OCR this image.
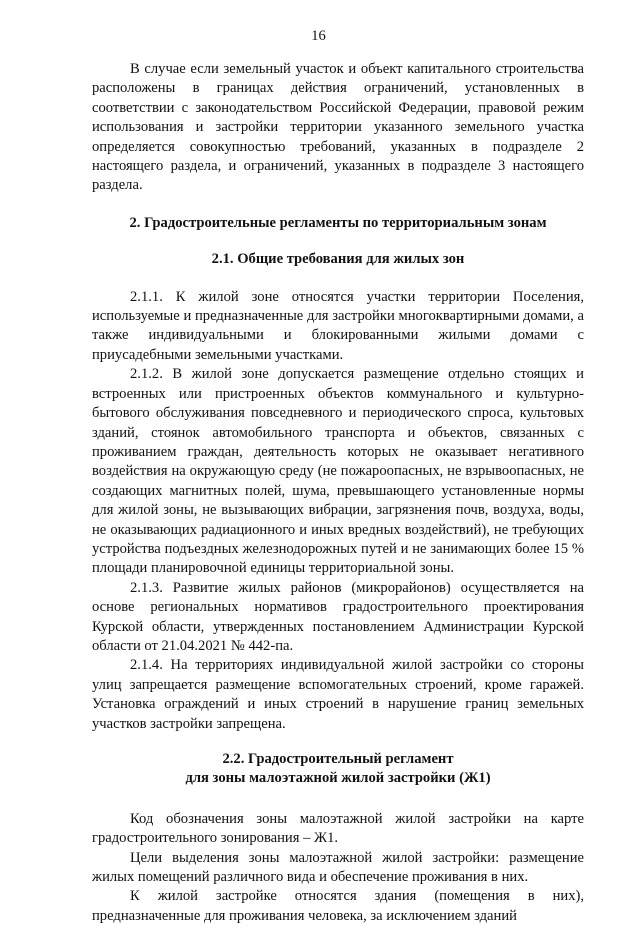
16

В случае если земельный участок и объект капитального строительства расположены в границах действия ограничений, установленных в соответствии с законодательством Российской Федерации, правовой режим использования и застройки территории указанного земельного участка определяется совокупностью требований, указанных в подразделе 2 настоящего раздела, и ограничений, указанных в подразделе 3 настоящего раздела.

2. Градостроительные регламенты по территориальным зонам

2.1. Общие требования для жилых зон

2.1.1. К жилой зоне относятся участки территории Поселения, используемые и предназначенные для застройки многоквартирными домами, а также индивидуальными и блокированными жилыми домами с приусадебными земельными участками.

2.1.2. В жилой зоне допускается размещение отдельно стоящих и встроенных или пристроенных объектов коммунального и культурно-бытового обслуживания повседневного и периодического спроса, культовых зданий, стоянок автомобильного транспорта и объектов, связанных с проживанием граждан, деятельность которых не оказывает негативного воздействия на окружающую среду (не пожароопасных, не взрывоопасных, не создающих магнитных полей, шума, превышающего установленные нормы для жилой зоны, не вызывающих вибрации, загрязнения почв, воздуха, воды, не оказывающих радиационного и иных вредных воздействий), не требующих устройства подъездных железнодорожных путей и не занимающих более 15 % площади планировочной единицы территориальной зоны.

2.1.3. Развитие жилых районов (микрорайонов) осуществляется на основе региональных нормативов градостроительного проектирования Курской области, утвержденных постановлением Администрации Курской области от 21.04.2021 № 442-па.

2.1.4. На территориях индивидуальной жилой застройки со стороны улиц запрещается размещение вспомогательных строений, кроме гаражей. Установка ограждений и иных строений в нарушение границ земельных участков застройки запрещена.

2.2. Градостроительный регламент
для зоны малоэтажной жилой застройки (Ж1)

Код обозначения зоны малоэтажной жилой застройки на карте градостроительного зонирования – Ж1.

Цели выделения зоны малоэтажной жилой застройки: размещение жилых помещений различного вида и обеспечение проживания в них.

К жилой застройке относятся здания (помещения в них), предназначенные для проживания человека, за исключением зданий
